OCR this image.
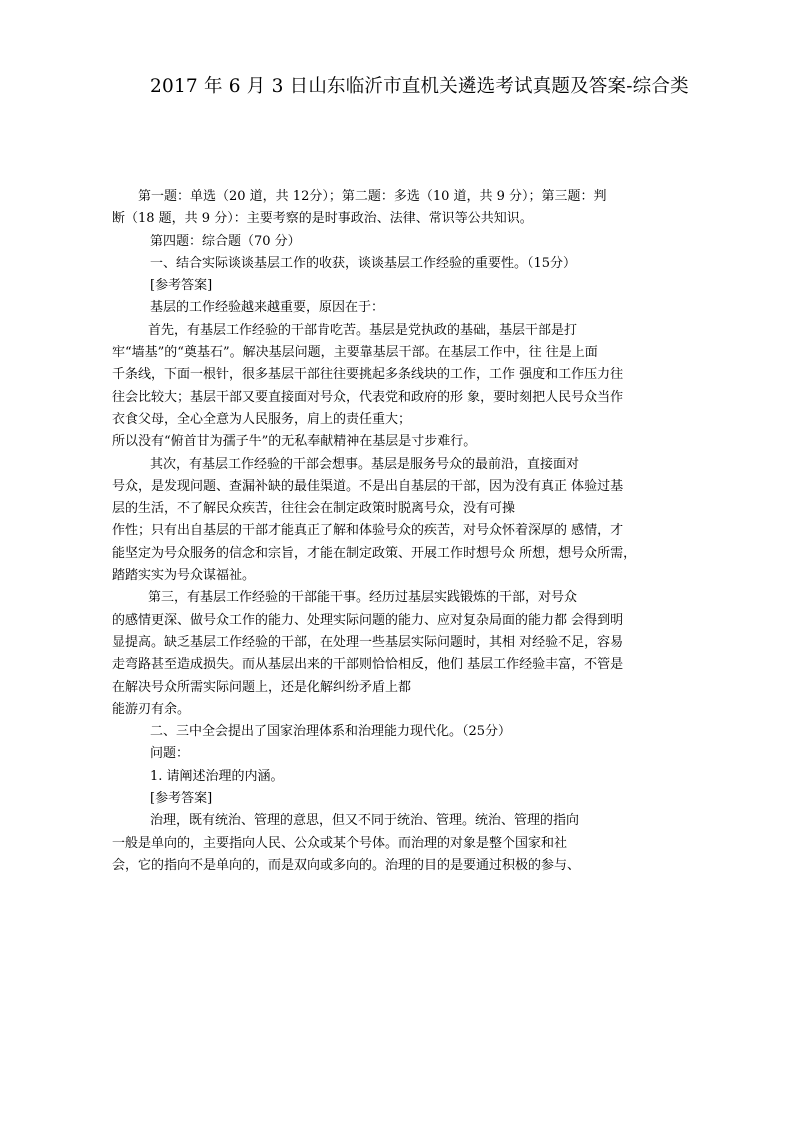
2017 年 6 月 3 日山东临沂市直机关遴选考试真题及答案-综合类
第一题：单选（20 道，共 12分）；第二题：多选（10 道，共 9 分）；第三题：判
断（18 题，共 9 分）：主要考察的是时事政治、法律、常识等公共知识。
第四题：综合题（70 分）
一、结合实际谈谈基层工作的收获，谈谈基层工作经验的重要性。（15分）
[参考答案]
基层的工作经验越来越重要，原因在于：
首先，有基层工作经验的干部肯吃苦。基层是党执政的基础，基层干部是打
牢“墙基”的“奠基石”。解决基层问题，主要靠基层干部。在基层工作中，往 往是上面
千条线，下面一根针，很多基层干部往往要挑起多条线块的工作，工作 强度和工作压力往
往会比较大；基层干部又要直接面对号众，代表党和政府的形 象，要时刻把人民号众当作
衣食父母，全心全意为人民服务，肩上的责任重大；
所以没有“俯首甘为孺子牛”的无私奉献精神在基层是寸步难行。
其次，有基层工作经验的干部会想事。基层是服务号众的最前沿，直接面对
号众，是发现问题、查漏补缺的最佳渠道。不是出自基层的干部，因为没有真正 体验过基
层的生活，不了解民众疾苦，往往会在制定政策时脱离号众，没有可操
作性；只有出自基层的干部才能真正了解和体验号众的疾苦，对号众怀着深厚的 感情，才
能坚定为号众服务的信念和宗旨，才能在制定政策、开展工作时想号众 所想，想号众所需，
踏踏实实为号众谋福祉。
第三，有基层工作经验的干部能干事。经历过基层实践锻炼的干部，对号众
的感情更深、做号众工作的能力、处理实际问题的能力、应对复杂局面的能力都 会得到明
显提高。缺乏基层工作经验的干部，在处理一些基层实际问题时，其相 对经验不足，容易
走弯路甚至造成损失。而从基层出来的干部则恰恰相反，他们 基层工作经验丰富，不管是
在解决号众所需实际问题上，还是化解纠纷矛盾上都
能游刃有余。
二、三中全会提出了国家治理体系和治理能力现代化。（25分）
问题：
1. 请阐述治理的内涵。
[参考答案]
治理，既有统治、管理的意思，但又不同于统治、管理。统治、管理的指向
一般是单向的，主要指向人民、公众或某个号体。而治理的对象是整个国家和社
会，它的指向不是单向的，而是双向或多向的。治理的目的是要通过积极的参与、
